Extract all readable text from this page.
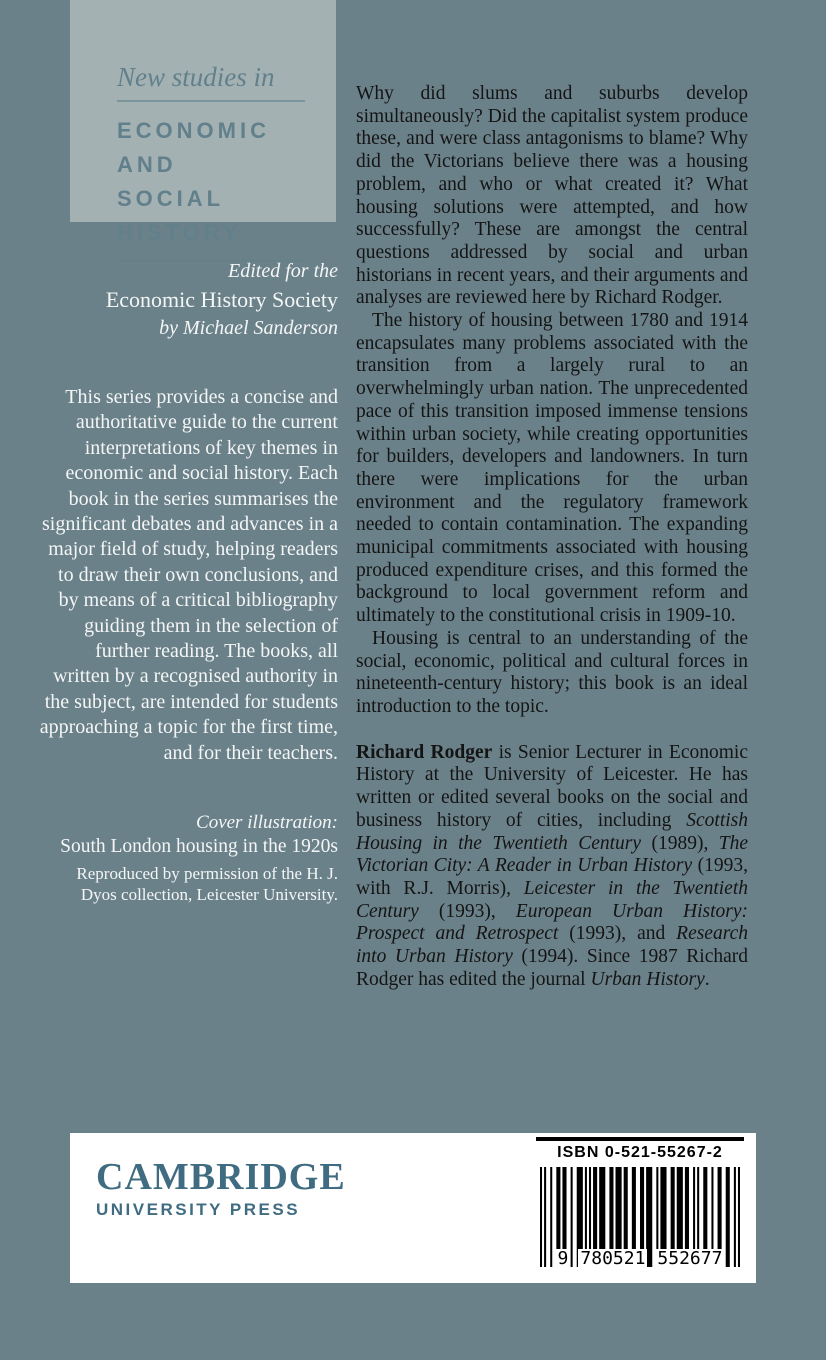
New studies in
ECONOMIC AND
SOCIAL HISTORY
Edited for the
Economic History Society
by Michael Sanderson
This series provides a concise and authoritative guide to the current interpretations of key themes in economic and social history. Each book in the series summarises the significant debates and advances in a major field of study, helping readers to draw their own conclusions, and by means of a critical bibliography guiding them in the selection of further reading. The books, all written by a recognised authority in the subject, are intended for students approaching a topic for the first time, and for their teachers.
Cover illustration:
South London housing in the 1920s
Reproduced by permission of the H. J. Dyos collection, Leicester University.

Why did slums and suburbs develop simultaneously? Did the capitalist system produce these, and were class antagonisms to blame? Why did the Victorians believe there was a housing problem, and who or what created it? What housing solutions were attempted, and how successfully? These are amongst the central questions addressed by social and urban historians in recent years, and their arguments and analyses are reviewed here by Richard Rodger.

The history of housing between 1780 and 1914 encapsulates many problems associated with the transition from a largely rural to an overwhelmingly urban nation. The unprecedented pace of this transition imposed immense tensions within urban society, while creating opportunities for builders, developers and landowners. In turn there were implications for the urban environment and the regulatory framework needed to contain contamination. The expanding municipal commitments associated with housing produced expenditure crises, and this formed the background to local government reform and ultimately to the constitutional crisis in 1909-10.

Housing is central to an understanding of the social, economic, political and cultural forces in nineteenth-century history; this book is an ideal introduction to the topic.

Richard Rodger is Senior Lecturer in Economic History at the University of Leicester. He has written or edited several books on the social and business history of cities, including Scottish Housing in the Twentieth Century (1989), The Victorian City: A Reader in Urban History (1993, with R.J. Morris), Leicester in the Twentieth Century (1993), European Urban History: Prospect and Retrospect (1993), and Research into Urban History (1994). Since 1987 Richard Rodger has edited the journal Urban History.

CAMBRIDGE
UNIVERSITY PRESS
ISBN 0-521-55267-2
9 780521 552677
